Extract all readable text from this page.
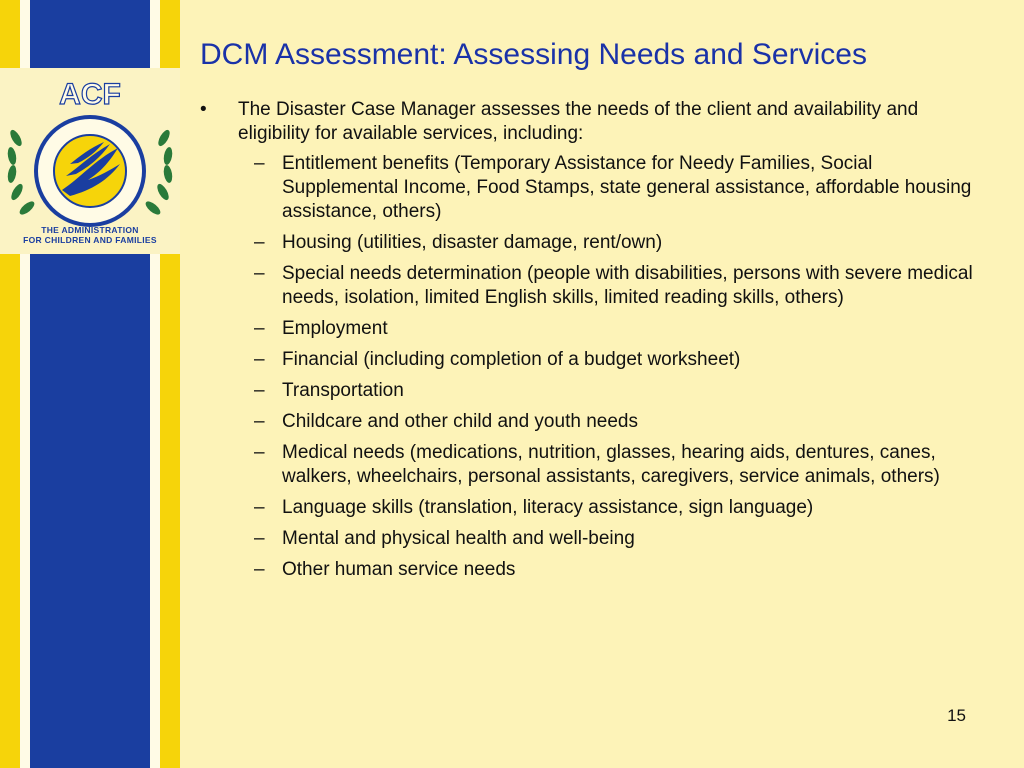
ACF
THE ADMINISTRATION
FOR CHILDREN AND FAMILIES
DCM Assessment: Assessing Needs and Services
• The Disaster Case Manager assesses the needs of the client and availability and eligibility for available services, including:
– Entitlement benefits (Temporary Assistance for Needy Families, Social Supplemental Income, Food Stamps, state general assistance, affordable housing assistance, others)
– Housing (utilities, disaster damage, rent/own)
– Special needs determination (people with disabilities, persons with severe medical needs, isolation, limited English skills, limited reading skills, others)
– Employment
– Financial (including completion of a budget worksheet)
– Transportation
– Childcare and other child and youth needs
– Medical needs (medications, nutrition, glasses, hearing aids, dentures, canes, walkers, wheelchairs, personal assistants, caregivers, service animals, others)
– Language skills (translation, literacy assistance, sign language)
– Mental and physical health and well-being
– Other human service needs
15
